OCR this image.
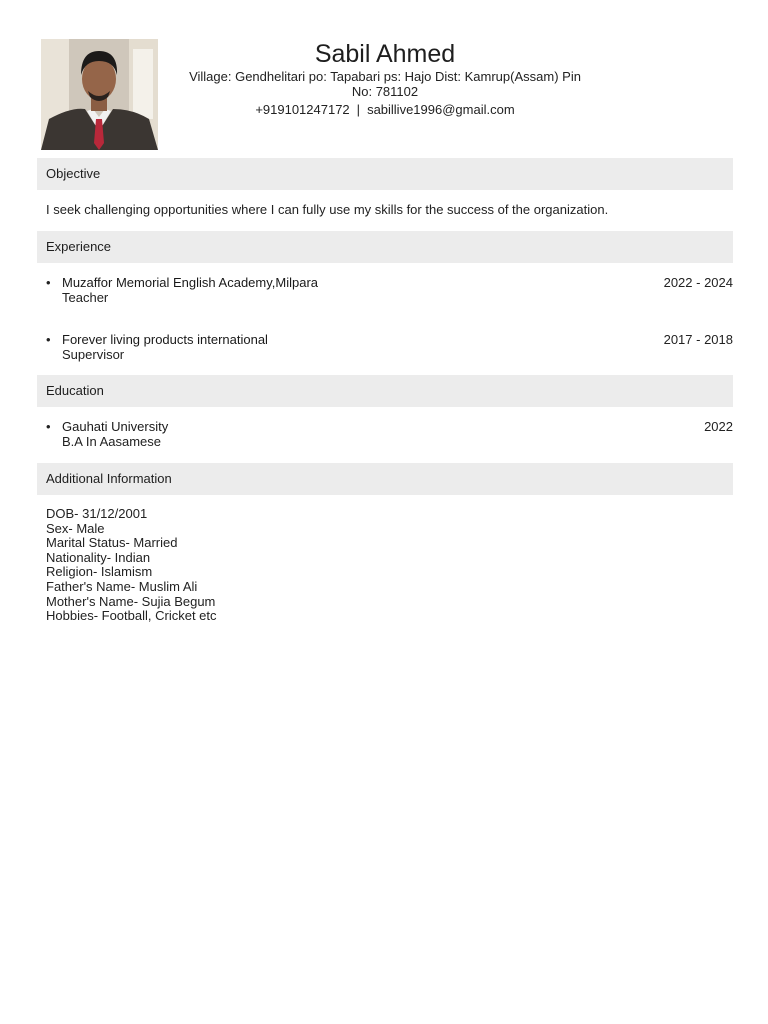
Sabil Ahmed
Village: Gendhelitari po: Tapabari ps: Hajo Dist: Kamrup(Assam) Pin
No: 781102
+919101247172 | sabillive1996@gmail.com
Objective
I seek challenging opportunities where I can fully use my skills for the success of the organization.
Experience
• Muzaffor Memorial English Academy,Milpara
Teacher
2022 - 2024
• Forever living products international
Supervisor
2017 - 2018
Education
• Gauhati University
B.A In Aasamese
2022
Additional Information
DOB- 31/12/2001
Sex- Male
Marital Status- Married
Nationality- Indian
Religion- Islamism
Father's Name- Muslim Ali
Mother's Name- Sujia Begum
Hobbies- Football, Cricket etc
